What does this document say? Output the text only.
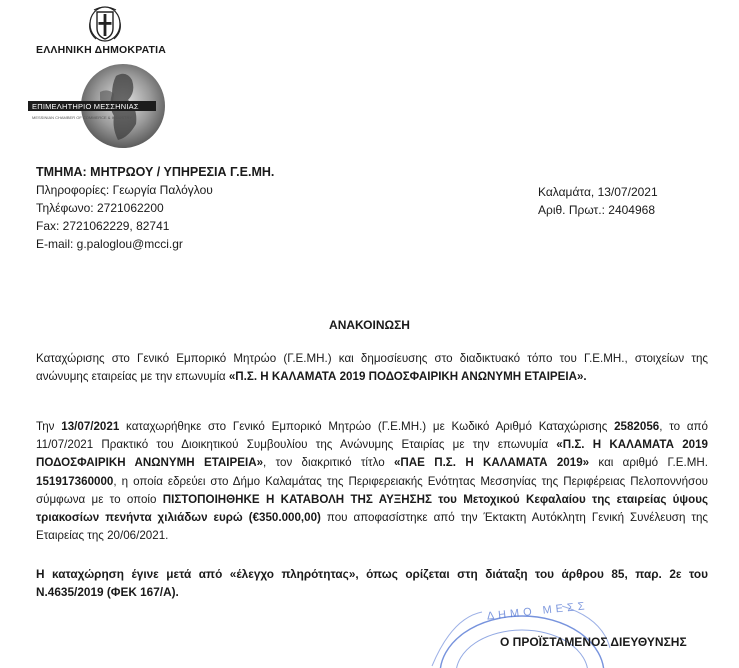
ΕΛΛΗΝΙΚΗ ΔΗΜΟΚΡΑΤΙΑ
ΕΠΙΜΕΛΗΤΗΡΙΟ ΜΕΣΣΗΝΙΑΣ
MESSINIAN CHAMBER OF COMMERCE & INDUSTRY
ΤΜΗΜΑ: ΜΗΤΡΩΟΥ / ΥΠΗΡΕΣΙΑ Γ.Ε.ΜΗ.
Πληροφορίες: Γεωργία Παλόγλου
Τηλέφωνο: 2721062200
Fax: 2721062229, 82741
E-mail: g.paloglou@mcci.gr
Καλαμάτα, 13/07/2021
Αριθ. Πρωτ.: 2404968
ΑΝΑΚΟΙΝΩΣΗ
Καταχώρισης στο Γενικό Εμπορικό Μητρώο (Γ.Ε.ΜΗ.) και δημοσίευσης στο διαδικτυακό τόπο του Γ.Ε.ΜΗ., στοιχείων της ανώνυμης εταιρείας με την επωνυμία «Π.Σ. Η ΚΑΛΑΜΑΤΑ 2019 ΠΟΔΟΣΦΑΙΡΙΚΗ ΑΝΩΝΥΜΗ ΕΤΑΙΡΕΙΑ».
Την 13/07/2021 καταχωρήθηκε στο Γενικό Εμπορικό Μητρώο (Γ.Ε.ΜΗ.) με Κωδικό Αριθμό Καταχώρισης 2582056, το από 11/07/2021 Πρακτικό του Διοικητικού Συμβουλίου της Ανώνυμης Εταιρίας με την επωνυμία «Π.Σ. Η ΚΑΛΑΜΑΤΑ 2019 ΠΟΔΟΣΦΑΙΡΙΚΗ ΑΝΩΝΥΜΗ ΕΤΑΙΡΕΙΑ», τον διακριτικό τίτλο «ΠΑΕ Π.Σ. Η ΚΑΛΑΜΑΤΑ 2019» και αριθμό Γ.Ε.ΜΗ. 151917360000, η οποία εδρεύει στο Δήμο Καλαμάτας της Περιφερειακής Ενότητας Μεσσηνίας της Περιφέρειας Πελοποννήσου σύμφωνα με το οποίο ΠΙΣΤΟΠΟΙΗΘΗΚΕ Η ΚΑΤΑΒΟΛΗ ΤΗΣ ΑΥΞΗΣΗΣ του Μετοχικού Κεφαλαίου της εταιρείας ύψους τριακοσίων πενήντα χιλιάδων ευρώ (€350.000,00) που αποφασίστηκε από την Έκτακτη Αυτόκλητη Γενική Συνέλευση της Εταιρείας της 20/06/2021.
Η καταχώρηση έγινε μετά από «έλεγχο πληρότητας», όπως ορίζεται στη διάταξη του άρθρου 85, παρ. 2ε του Ν.4635/2019 (ΦΕΚ 167/Α).
ΔΗΜΟ ΜΕΣΣ
Ο ΠΡΟΪΣΤΑΜΕΝΟΣ ΔΙΕΥΘΥΝΣΗΣ
